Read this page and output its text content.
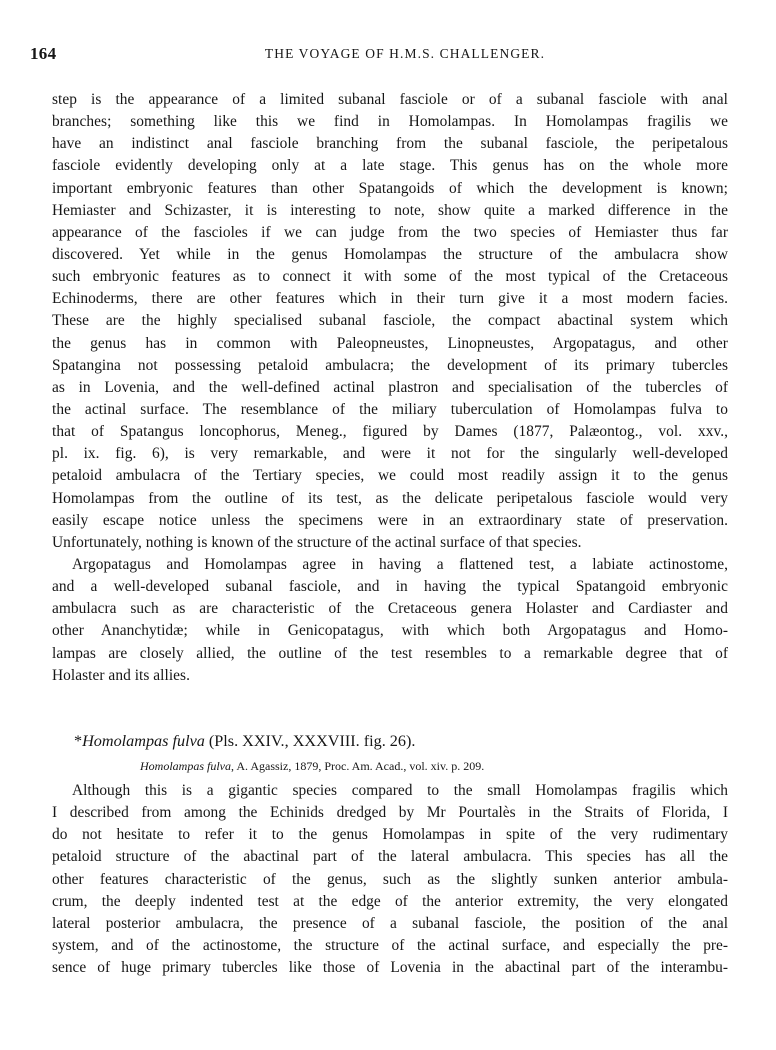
164	THE VOYAGE OF H.M.S. CHALLENGER.
step is the appearance of a limited subanal fasciole or of a subanal fasciole with anal
branches; something like this we find in Homolampas. In Homolampas fragilis we
have an indistinct anal fasciole branching from the subanal fasciole, the peripetalous
fasciole evidently developing only at a late stage. This genus has on the whole more
important embryonic features than other Spatangoids of which the development is known;
Hemiaster and Schizaster, it is interesting to note, show quite a marked difference in the
appearance of the fascioles if we can judge from the two species of Hemiaster thus far
discovered. Yet while in the genus Homolampas the structure of the ambulacra show
such embryonic features as to connect it with some of the most typical of the Cretaceous
Echinoderms, there are other features which in their turn give it a most modern facies.
These are the highly specialised subanal fasciole, the compact abactinal system which
the genus has in common with Paleopneustes, Linopneustes, Argopatagus, and other
Spatangina not possessing petaloid ambulacra; the development of its primary tubercles
as in Lovenia, and the well-defined actinal plastron and specialisation of the tubercles of
the actinal surface. The resemblance of the miliary tuberculation of Homolampas fulva to
that of Spatangus loncophorus, Meneg., figured by Dames (1877, Palæontog., vol. xxv.,
pl. ix. fig. 6), is very remarkable, and were it not for the singularly well-developed
petaloid ambulacra of the Tertiary species, we could most readily assign it to the genus
Homolampas from the outline of its test, as the delicate peripetalous fasciole would very
easily escape notice unless the specimens were in an extraordinary state of preservation.
Unfortunately, nothing is known of the structure of the actinal surface of that species.
Argopatagus and Homolampas agree in having a flattened test, a labiate actinostome,
and a well-developed subanal fasciole, and in having the typical Spatangoid embryonic
ambulacra such as are characteristic of the Cretaceous genera Holaster and Cardiaster and
other Ananchytidæ; while in Genicopatagus, with which both Argopatagus and Homo-
lampas are closely allied, the outline of the test resembles to a remarkable degree that of
Holaster and its allies.
*Homolampas fulva (Pls. XXIV., XXXVIII. fig. 26).
Homolampas fulva, A. Agassiz, 1879, Proc. Am. Acad., vol. xiv. p. 209.
Although this is a gigantic species compared to the small Homolampas fragilis which
I described from among the Echinids dredged by Mr Pourtalès in the Straits of Florida, I
do not hesitate to refer it to the genus Homolampas in spite of the very rudimentary
petaloid structure of the abactinal part of the lateral ambulacra. This species has all the
other features characteristic of the genus, such as the slightly sunken anterior ambula-
crum, the deeply indented test at the edge of the anterior extremity, the very elongated
lateral posterior ambulacra, the presence of a subanal fasciole, the position of the anal
system, and of the actinostome, the structure of the actinal surface, and especially the pre-
sence of huge primary tubercles like those of Lovenia in the abactinal part of the interambu-
